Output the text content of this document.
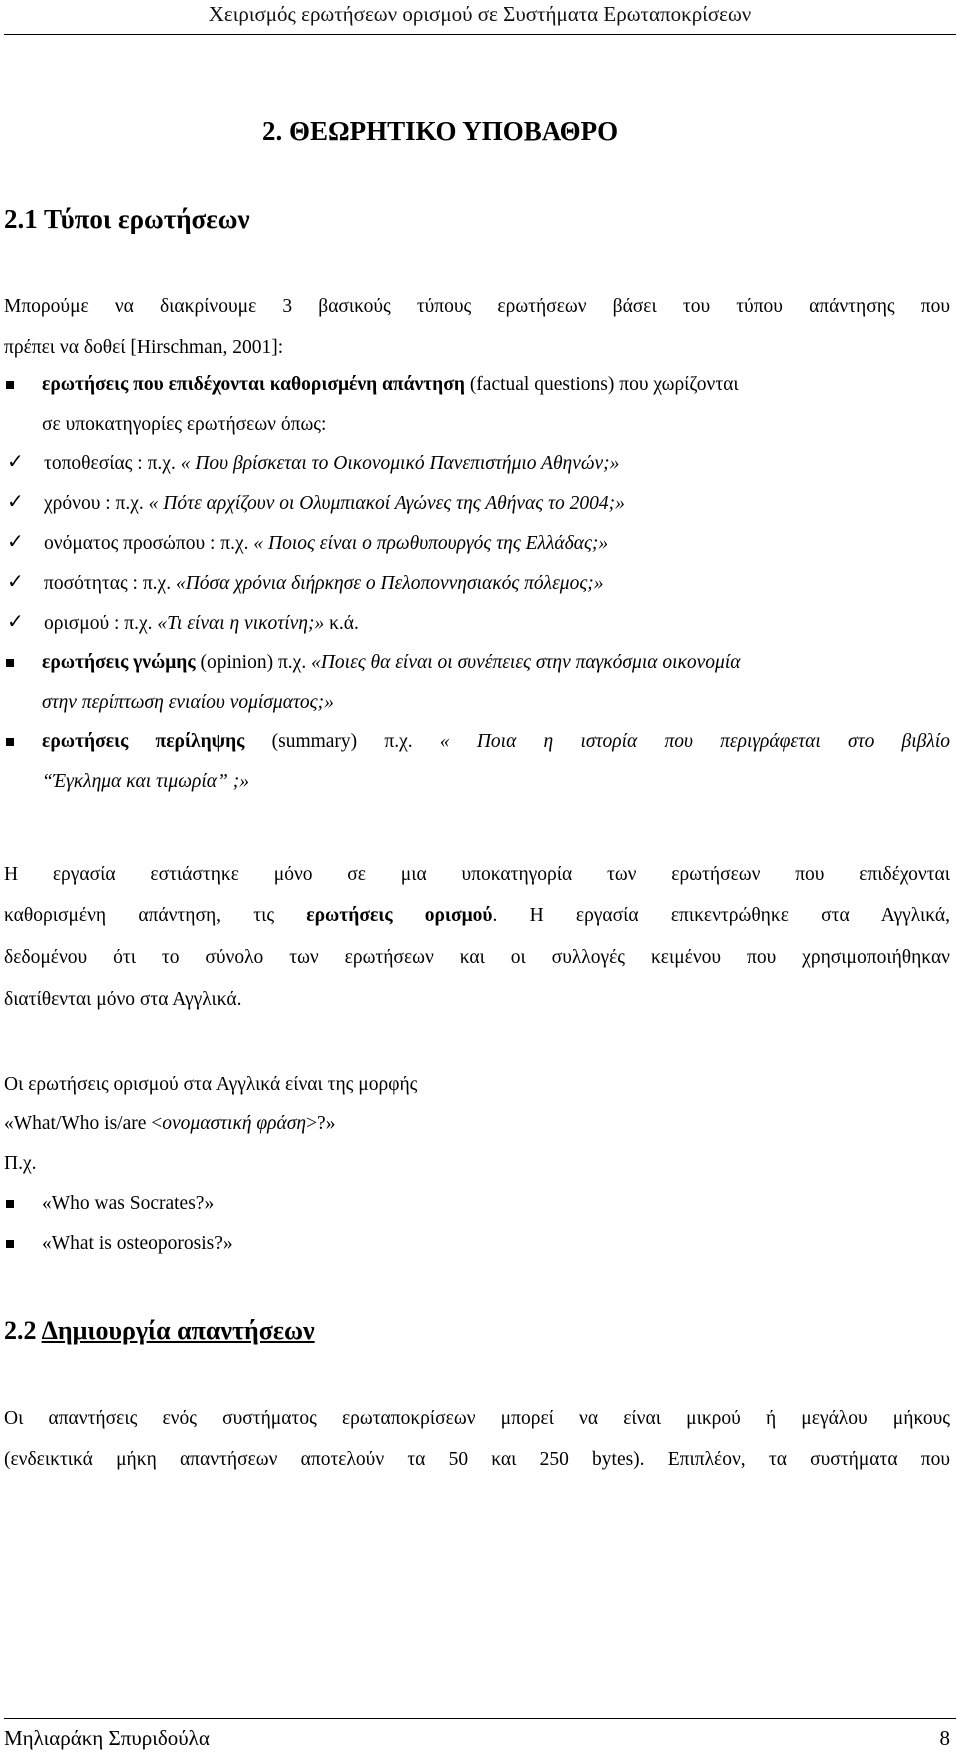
Χειρισμός ερωτήσεων ορισμού σε Συστήματα Ερωταποκρίσεων
2. ΘΕΩΡΗΤΙΚΟ ΥΠΟΒΑΘΡΟ
2.1 Τύποι ερωτήσεων
Μπορούμε να διακρίνουμε 3 βασικούς τύπους ερωτήσεων βάσει του τύπου απάντησης που
πρέπει να δοθεί [Hirschman, 2001]:
ερωτήσεις που επιδέχονται καθορισμένη απάντηση (factual questions) που χωρίζονται
σε υποκατηγορίες ερωτήσεων όπως:
✓ τοποθεσίας : π.χ. « Που βρίσκεται το Οικονομικό Πανεπιστήμιο Αθηνών;»
✓ χρόνου : π.χ. « Πότε αρχίζουν οι Ολυμπιακοί Αγώνες της Αθήνας το 2004;»
✓ ονόματος προσώπου : π.χ. « Ποιος είναι ο πρωθυπουργός της Ελλάδας;»
✓ ποσότητας : π.χ. «Πόσα χρόνια διήρκησε ο Πελοποννησιακός πόλεμος;»
✓ ορισμού : π.χ. «Τι είναι η νικοτίνη;» κ.ά.
ερωτήσεις γνώμης (opinion) π.χ. «Ποιες θα είναι οι συνέπειες στην παγκόσμια οικονομία
στην περίπτωση ενιαίου νομίσματος;»
ερωτήσεις περίληψης (summary) π.χ. « Ποια η ιστορία που περιγράφεται στο βιβλίο
“Έγκλημα και τιμωρία” ;»
Η εργασία εστιάστηκε μόνο σε μια υποκατηγορία των ερωτήσεων που επιδέχονται
καθορισμένη απάντηση, τις ερωτήσεις ορισμού. Η εργασία επικεντρώθηκε στα Αγγλικά,
δεδομένου ότι το σύνολο των ερωτήσεων και οι συλλογές κειμένου που χρησιμοποιήθηκαν
διατίθενται μόνο στα Αγγλικά.
Οι ερωτήσεις ορισμού στα Αγγλικά είναι της μορφής
«What/Who is/are <ονομαστική φράση>?»
Π.χ.
«Who was Socrates?»
«What is osteoporosis?»
2.2 Δημιουργία απαντήσεων
Οι απαντήσεις ενός συστήματος ερωταποκρίσεων μπορεί να είναι μικρού ή μεγάλου μήκους
(ενδεικτικά μήκη απαντήσεων αποτελούν τα 50 και 250 bytes). Επιπλέον, τα συστήματα που
Μηλιαράκη Σπυριδούλα	8
